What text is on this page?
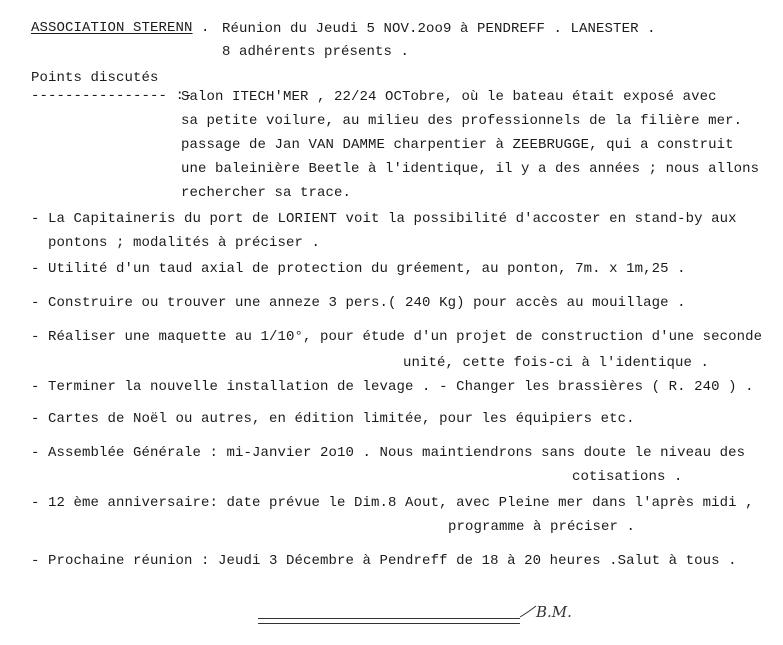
ASSOCIATION STERENN . Réunion du Jeudi 5 NOV.2oo9 à PENDREFF . LANESTER .
8 adhérents présents .
Points discutés
---------------- :-
Salon ITECH'MER , 22/24 OCTobre, où le bateau était exposé avec
sa petite voilure, au milieu des professionnels de la filière mer.
passage de Jan VAN DAMME charpentier à ZEEBRUGGE, qui a construit
une baleinière Beetle à l'identique, il y a des années ; nous allons
rechercher sa trace.
- La Capitaineris du port de LORIENT voit la possibilité d'accoster en stand-by aux
pontons ; modalités à préciser .
- Utilité d'un taud axial de protection du gréement, au ponton, 7m. x 1m,25 .
- Construire ou trouver une anneze 3 pers.( 240 Kg) pour accès au mouillage .
- Réaliser une maquette au 1/10°, pour étude d'un projet de construction d'une seconde
unité, cette fois-ci à l'identique .
- Terminer la nouvelle installation de levage . - Changer les brassières ( R. 240 ) .
- Cartes de Noël ou autres, en édition limitée, pour les équipiers etc.
- Assemblée Générale : mi-Janvier 2o10 . Nous maintiendrons sans doute le niveau des
cotisations .
- 12 ème anniversaire: date prévue le Dim.8 Aout, avec Pleine mer dans l'après midi ,
programme à préciser .
- Prochaine réunion : Jeudi 3 Décembre à Pendreff de 18 à 20 heures .Salut à tous .
B.M.
